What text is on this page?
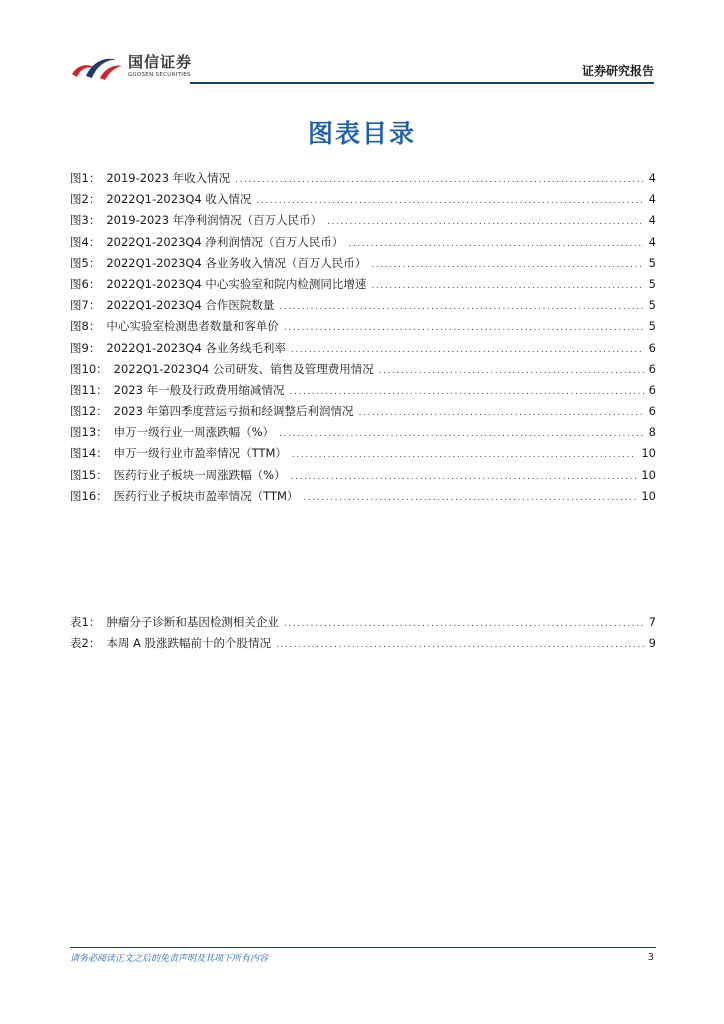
国信证券
GUOSEN SECURITIES	证券研究报告
图表目录
图1： 2019-2023 年收入情况 .....	4
图2： 2022Q1-2023Q4 收入情况 .....	4
图3： 2019-2023 年净利润情况（百万人民币） .....	4
图4： 2022Q1-2023Q4 净利润情况（百万人民币） .....	4
图5： 2022Q1-2023Q4 各业务收入情况（百万人民币） .....	5
图6： 2022Q1-2023Q4 中心实验室和院内检测同比增速 .....	5
图7： 2022Q1-2023Q4 合作医院数量 .....	5
图8： 中心实验室检测患者数量和客单价 .....	5
图9： 2022Q1-2023Q4 各业务线毛利率 .....	6
图10： 2022Q1-2023Q4 公司研发、销售及管理费用情况 .....	6
图11： 2023 年一般及行政费用缩减情况 .....	6
图12： 2023 年第四季度营运亏损和经调整后利润情况 .....	6
图13： 申万一级行业一周涨跌幅（%） .....	8
图14： 申万一级行业市盈率情况（TTM） .....	10
图15： 医药行业子板块一周涨跌幅（%） .....	10
图16： 医药行业子板块市盈率情况（TTM） .....	10
表1： 肿瘤分子诊断和基因检测相关企业 .....	7
表2： 本周 A 股涨跌幅前十的个股情况 .....	9
请务必阅读正文之后的免责声明及其项下所有内容	3
